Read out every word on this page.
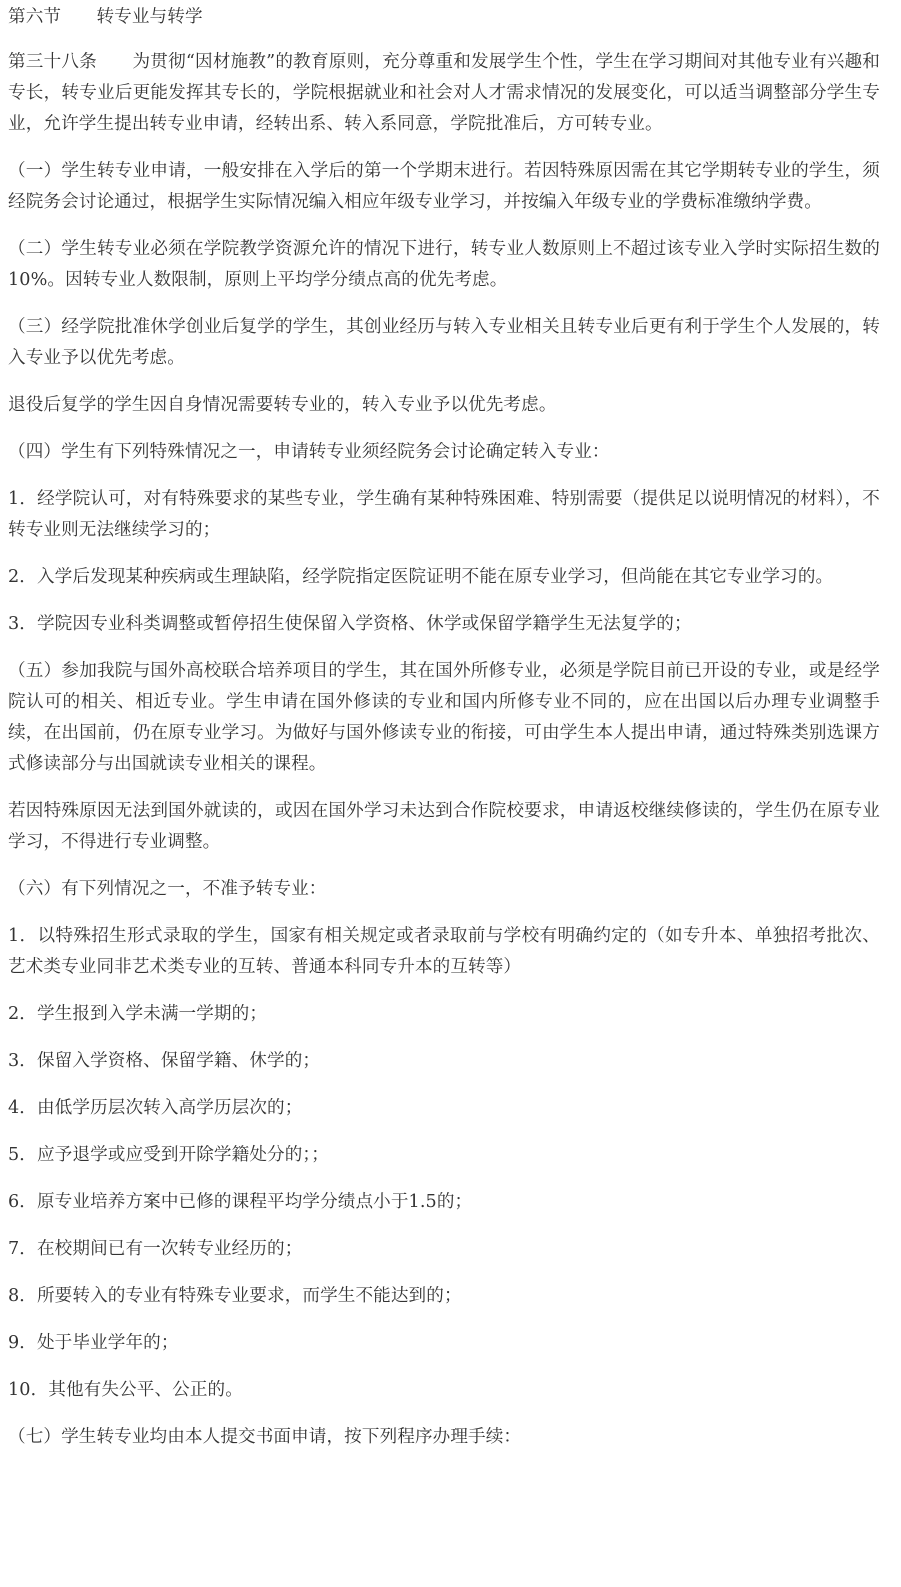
第六节　　转专业与转学

第三十八条　　为贯彻“因材施教”的教育原则，充分尊重和发展学生个性，学生在学习期间对其他专业有兴趣和专长，转专业后更能发挥其专长的，学院根据就业和社会对人才需求情况的发展变化，可以适当调整部分学生专业，允许学生提出转专业申请，经转出系、转入系同意，学院批准后，方可转专业。

（一）学生转专业申请，一般安排在入学后的第一个学期末进行。若因特殊原因需在其它学期转专业的学生，须经院务会讨论通过，根据学生实际情况编入相应年级专业学习，并按编入年级专业的学费标准缴纳学费。

（二）学生转专业必须在学院教学资源允许的情况下进行，转专业人数原则上不超过该专业入学时实际招生数的10%。因转专业人数限制，原则上平均学分绩点高的优先考虑。

（三）经学院批准休学创业后复学的学生，其创业经历与转入专业相关且转专业后更有利于学生个人发展的，转入专业予以优先考虑。

退役后复学的学生因自身情况需要转专业的，转入专业予以优先考虑。

（四）学生有下列特殊情况之一，申请转专业须经院务会讨论确定转入专业：

1．经学院认可，对有特殊要求的某些专业，学生确有某种特殊困难、特别需要（提供足以说明情况的材料），不转专业则无法继续学习的；

2．入学后发现某种疾病或生理缺陷，经学院指定医院证明不能在原专业学习，但尚能在其它专业学习的。

3．学院因专业科类调整或暂停招生使保留入学资格、休学或保留学籍学生无法复学的；

（五）参加我院与国外高校联合培养项目的学生，其在国外所修专业，必须是学院目前已开设的专业，或是经学院认可的相关、相近专业。学生申请在国外修读的专业和国内所修专业不同的，应在出国以后办理专业调整手续，在出国前，仍在原专业学习。为做好与国外修读专业的衔接，可由学生本人提出申请，通过特殊类别选课方式修读部分与出国就读专业相关的课程。

若因特殊原因无法到国外就读的，或因在国外学习未达到合作院校要求，申请返校继续修读的，学生仍在原专业学习，不得进行专业调整。

（六）有下列情况之一，不准予转专业：

1．以特殊招生形式录取的学生，国家有相关规定或者录取前与学校有明确约定的（如专升本、单独招考批次、艺术类专业同非艺术类专业的互转、普通本科同专升本的互转等）

2．学生报到入学未满一学期的；

3．保留入学资格、保留学籍、休学的；

4．由低学历层次转入高学历层次的；

5．应予退学或应受到开除学籍处分的；；

6．原专业培养方案中已修的课程平均学分绩点小于1.5的；

7．在校期间已有一次转专业经历的；

8．所要转入的专业有特殊专业要求，而学生不能达到的；

9．处于毕业学年的；

10．其他有失公平、公正的。

（七）学生转专业均由本人提交书面申请，按下列程序办理手续：
